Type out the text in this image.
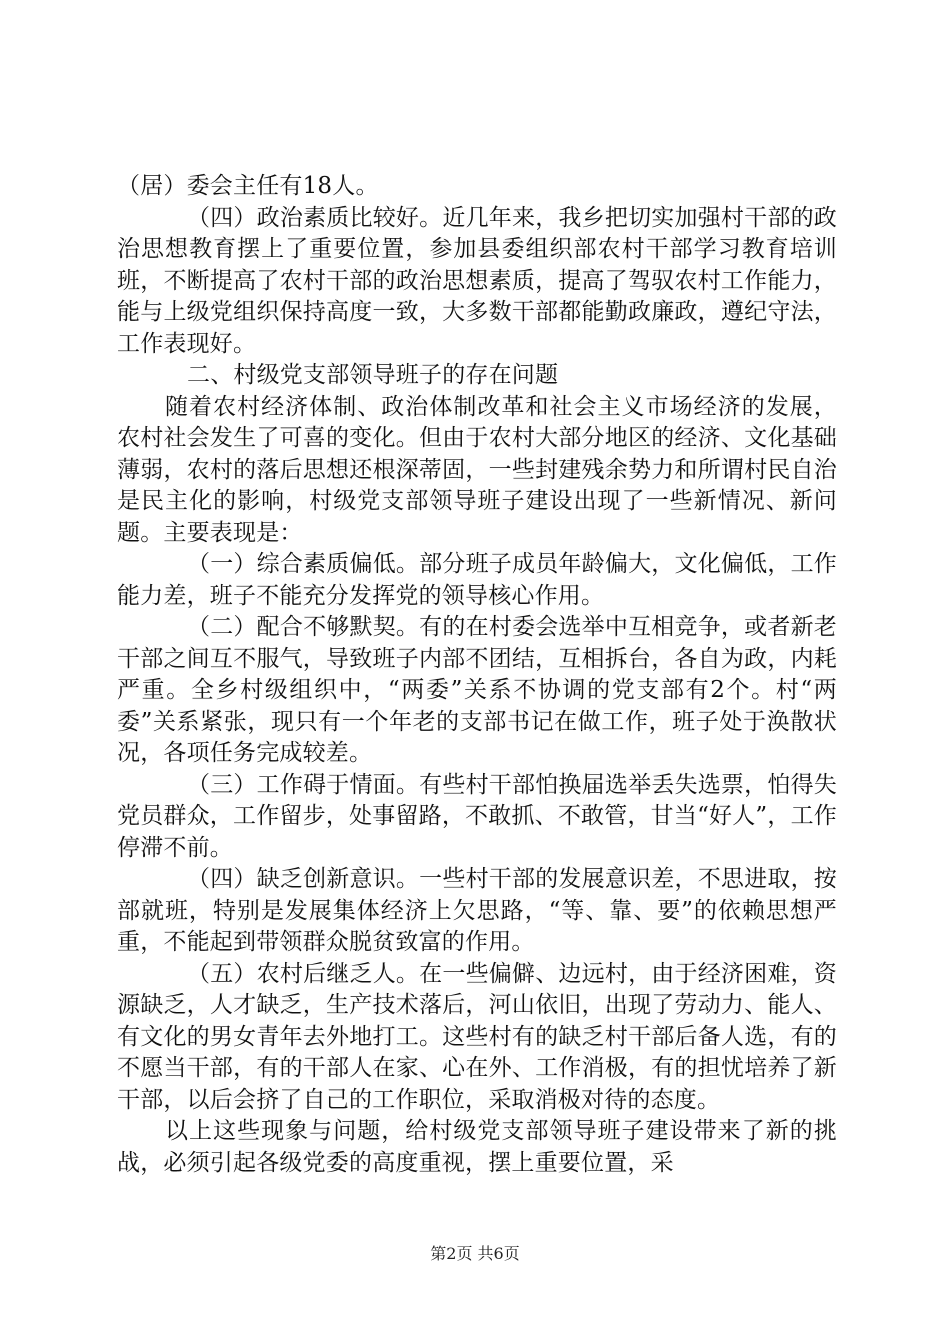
（居）委会主任有18人。

（四）政治素质比较好。近几年来，我乡把切实加强村干部的政治思想教育摆上了重要位置，参加县委组织部农村干部学习教育培训班，不断提高了农村干部的政治思想素质，提高了驾驭农村工作能力，能与上级党组织保持高度一致，大多数干部都能勤政廉政，遵纪守法，工作表现好。

二、村级党支部领导班子的存在问题

随着农村经济体制、政治体制改革和社会主义市场经济的发展，农村社会发生了可喜的变化。但由于农村大部分地区的经济、文化基础薄弱，农村的落后思想还根深蒂固，一些封建残余势力和所谓村民自治是民主化的影响，村级党支部领导班子建设出现了一些新情况、新问题。主要表现是：

（一）综合素质偏低。部分班子成员年龄偏大，文化偏低，工作能力差，班子不能充分发挥党的领导核心作用。

（二）配合不够默契。有的在村委会选举中互相竞争，或者新老干部之间互不服气，导致班子内部不团结，互相拆台，各自为政，内耗严重。全乡村级组织中，“两委”关系不协调的党支部有2个。村“两委”关系紧张，现只有一个年老的支部书记在做工作，班子处于涣散状况，各项任务完成较差。

（三）工作碍于情面。有些村干部怕换届选举丢失选票，怕得失党员群众，工作留步，处事留路，不敢抓、不敢管，甘当“好人”，工作停滞不前。

（四）缺乏创新意识。一些村干部的发展意识差，不思进取，按部就班，特别是发展集体经济上欠思路，“等、靠、要”的依赖思想严重，不能起到带领群众脱贫致富的作用。

（五）农村后继乏人。在一些偏僻、边远村，由于经济困难，资源缺乏，人才缺乏，生产技术落后，河山依旧，出现了劳动力、能人、有文化的男女青年去外地打工。这些村有的缺乏村干部后备人选，有的不愿当干部，有的干部人在家、心在外、工作消极，有的担忧培养了新干部，以后会挤了自己的工作职位，采取消极对待的态度。

以上这些现象与问题，给村级党支部领导班子建设带来了新的挑战，必须引起各级党委的高度重视，摆上重要位置，采

第2页 共6页
